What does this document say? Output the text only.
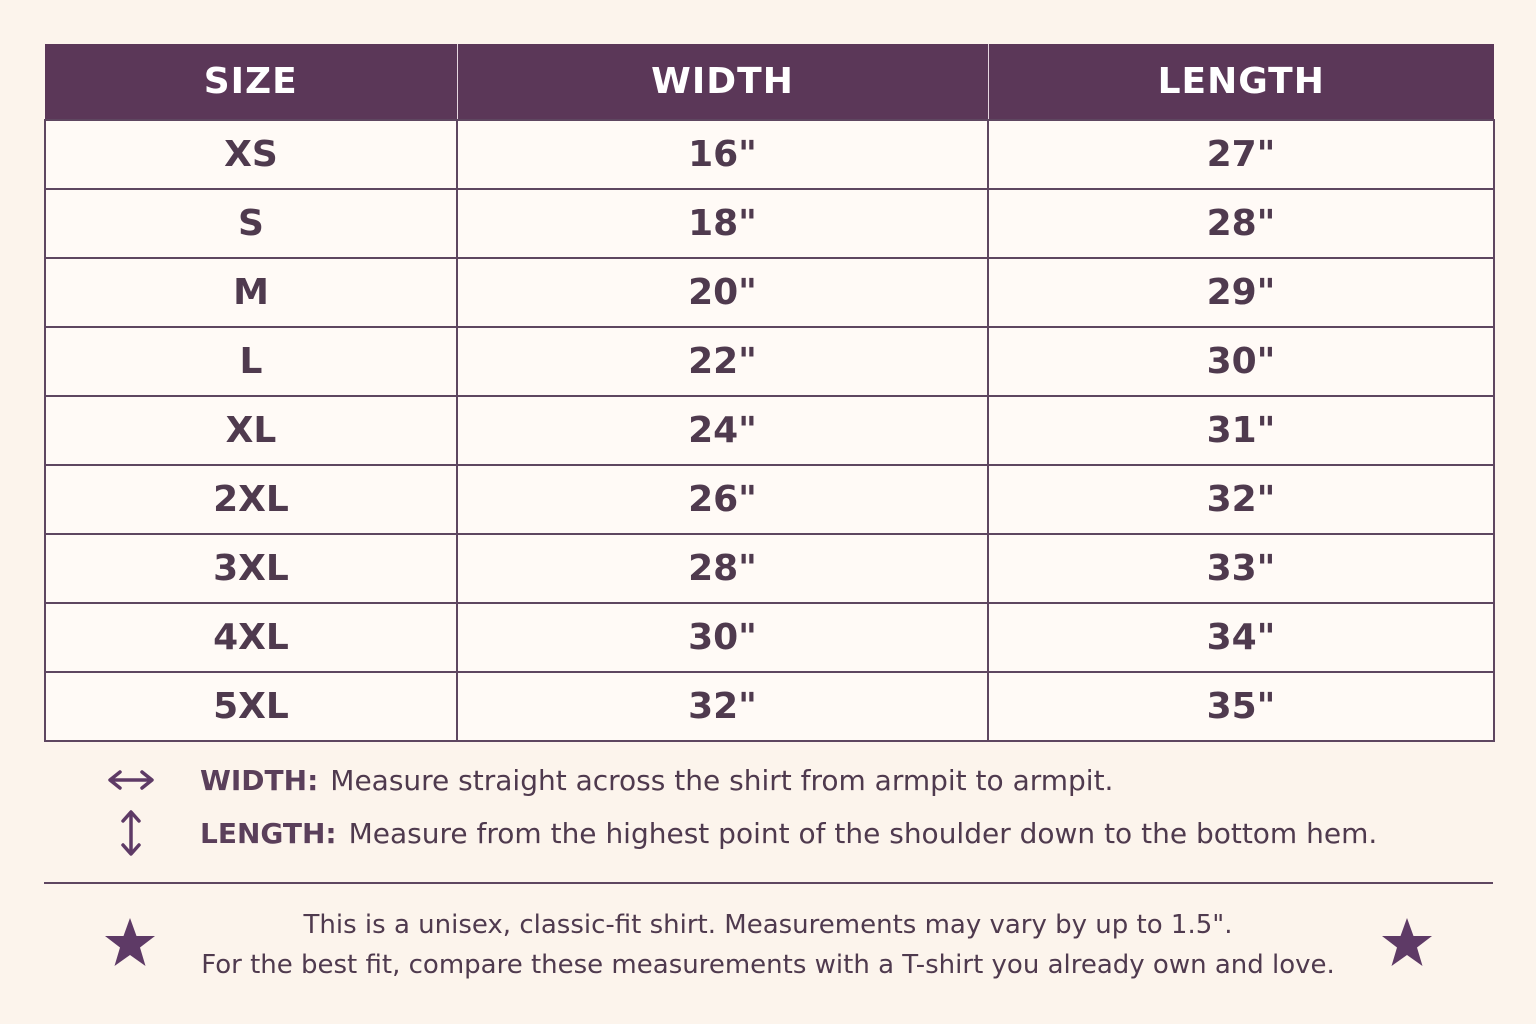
SIZE	WIDTH	LENGTH
XS	16"	27"
S	18"	28"
M	20"	29"
L	22"	30"
XL	24"	31"
2XL	26"	32"
3XL	28"	33"
4XL	30"	34"
5XL	32"	35"
WIDTH: Measure straight across the shirt from armpit to armpit.
LENGTH: Measure from the highest point of the shoulder down to the bottom hem.
This is a unisex, classic-fit shirt. Measurements may vary by up to 1.5".
For the best fit, compare these measurements with a T-shirt you already own and love.
